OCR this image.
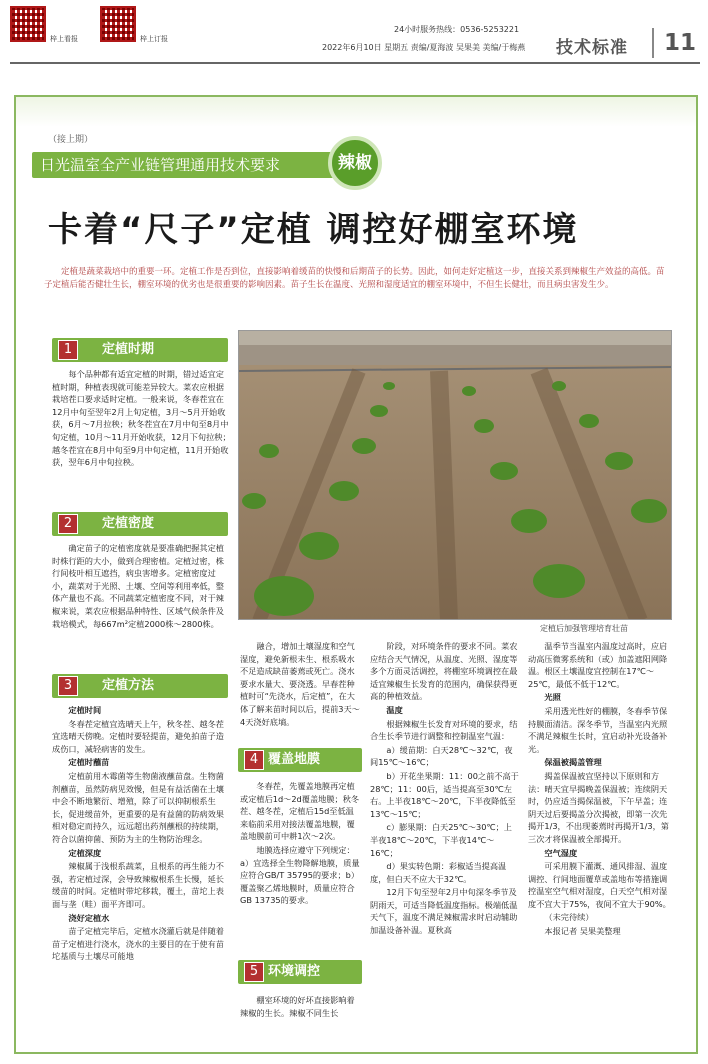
梓上看报	梓上订报
24小时服务热线：0536-5253221
2022年6月10日 星期五 责编/夏海波 吴果美 美编/于梅燕 技术标准	11
（接上期）
日光温室全产业链管理通用技术要求	辣椒
卡着“尺子”定植 调控好棚室环境
定植是蔬菜栽培中的重要一环。定植工作是否到位，直接影响着缓苗的快慢和后期苗子的长势。因此，如何走好定植这一步，直接关系到辣椒生产效益的高低。苗子定植后能否健壮生长，棚室环境的优劣也是很重要的影响因素。苗子生长在温度、光照和湿度适宜的棚室环境中，不但生长健壮，而且病虫害发生少。
1	定植时期

每个品种都有适宜定植的时期，错过适宜定植时期，种植表现就可能差异较大。菜农应根据栽培茬口要求适时定植。一般来说，冬春茬宜在12月中旬至翌年2月上旬定植，3月～5月开始收获，6月～7月拉秧；秋冬茬宜在7月中旬至8月中旬定植，10月～11月开始收获，12月下旬拉秧；越冬茬宜在8月中旬至9月中旬定植，11月开始收获，翌年6月中旬拉秧。

2	定植密度

确定苗子的定植密度就是要准确把握其定植时株行距的大小，做到合理密植。定植过密，株行间枝叶相互遮挡，病虫害增多。定植密度过小，蔬菜对于光照、土壤、空间等利用率低，整体产量也不高。不同蔬菜定植密度不同，对于辣椒来说，菜农应根据品种特性、区域气候条件及栽培模式，每667m²定植2000株～2800株。

3	定植方法

定植时间

冬春茬定植宜选晴天上午，秋冬茬、越冬茬宜选晴天傍晚。定植时要轻提苗，避免拍苗子造成伤口，减轻病害的发生。

定植时蘸苗

定植前用木霉菌等生物菌液蘸苗盘。生物菌剂蘸苗，虽然防病见效慢，但是有益活菌在土壤中会不断地繁衍、增殖，除了可以抑制根系生长，促进缓苗外，更重要的是有益菌的防病效果相对稳定而持久，远远超出药剂蘸根的持续期，符合以菌抑菌、预防为主的生物防治理念。

定植深度

辣椒属于浅根系蔬菜，且根系的再生能力不强，若定植过深，会导致辣椒根系生长慢，延长缓苗的时间。定植时带坨移栽，覆土，苗坨上表面与垄（畦）面平齐即可。

浇好定植水

苗子定植完毕后，定植水浇灌后就是伴随着苗子定植进行浇水，浇水的主要目的在于使有苗坨基质与土壤尽可能地

定植后加强管理培育壮苗

融合，增加土壤湿度和空气湿度，避免新根未生、根系吸水不足造成缺苗萎蔫或死亡。浇水要求水量大、要浇透。早春茬种植时可“先浇水，后定植”，在大体了解来苗时间以后，提前3天～4天浇好底墒。

4 覆盖地膜

冬春茬，先覆盖地膜再定植或定植后1d～2d覆盖地膜；秋冬茬、越冬茬，定植后15d至低温来临前采用对接法覆盖地膜，覆盖地膜前可中耕1次～2次。

地膜选择应遵守下列规定：a）宜选择全生物降解地膜，质量应符合GB/T 35795的要求；b）覆盖聚乙烯地膜时，质量应符合GB 13735的要求。

5 环境调控

棚室环境的好坏直接影响着辣椒的生长。辣椒不同生长

阶段，对环境条件的要求不同。菜农应结合天气情况，从温度、光照、湿度等多个方面灵活调控，将棚室环境调控在最适宜辣椒生长发育的范围内，确保获得更高的种植效益。

温度

根据辣椒生长发育对环境的要求，结合生长季节进行调整和控制温室气温：

a）缓苗期：白天28℃～32℃，夜间15℃～16℃；

b）开花坐果期：11：00之前不高于28℃；11：00后，适当提高至30℃左右。上半夜18℃～20℃，下半夜降低至13℃～15℃；

c）膨果期：白天25℃～30℃；上半夜18℃～20℃，下半夜14℃～16℃；

d）果实转色期：彩椒适当提高温度，但白天不应大于32℃。

12月下旬至翌年2月中旬深冬季节及阴雨天，可适当降低温度指标。极端低温天气下，温度不满足辣椒需求时启动辅助加温设备补温。夏秋高

温季节当温室内温度过高时，应启动高压微雾系统和（或）加盖遮阳网降温。根区土壤温度宜控制在17℃～25℃，最低不低于12℃。

光照

采用透光性好的棚膜，冬春季节保持膜面清洁。深冬季节，当温室内光照不满足辣椒生长时，宜启动补光设备补光。

保温被揭盖管理

揭盖保温被宜坚持以下原则和方法：晴天宜早揭晚盖保温被；连续阴天时，仍应适当揭保温被，下午早盖；连阴天过后要揭盖分次揭被，即第一次先揭开1/3，不出现萎蔫时再揭开1/3，第三次才将保温被全部揭开。

空气湿度

可采用膜下灌溉、通风排湿、温度调控、行间地面覆草或盖地布等措施调控温室空气相对湿度，白天空气相对湿度不宜大于75%，夜间不宜大于90%。

（未完待续）

本报记者 吴果美整理
